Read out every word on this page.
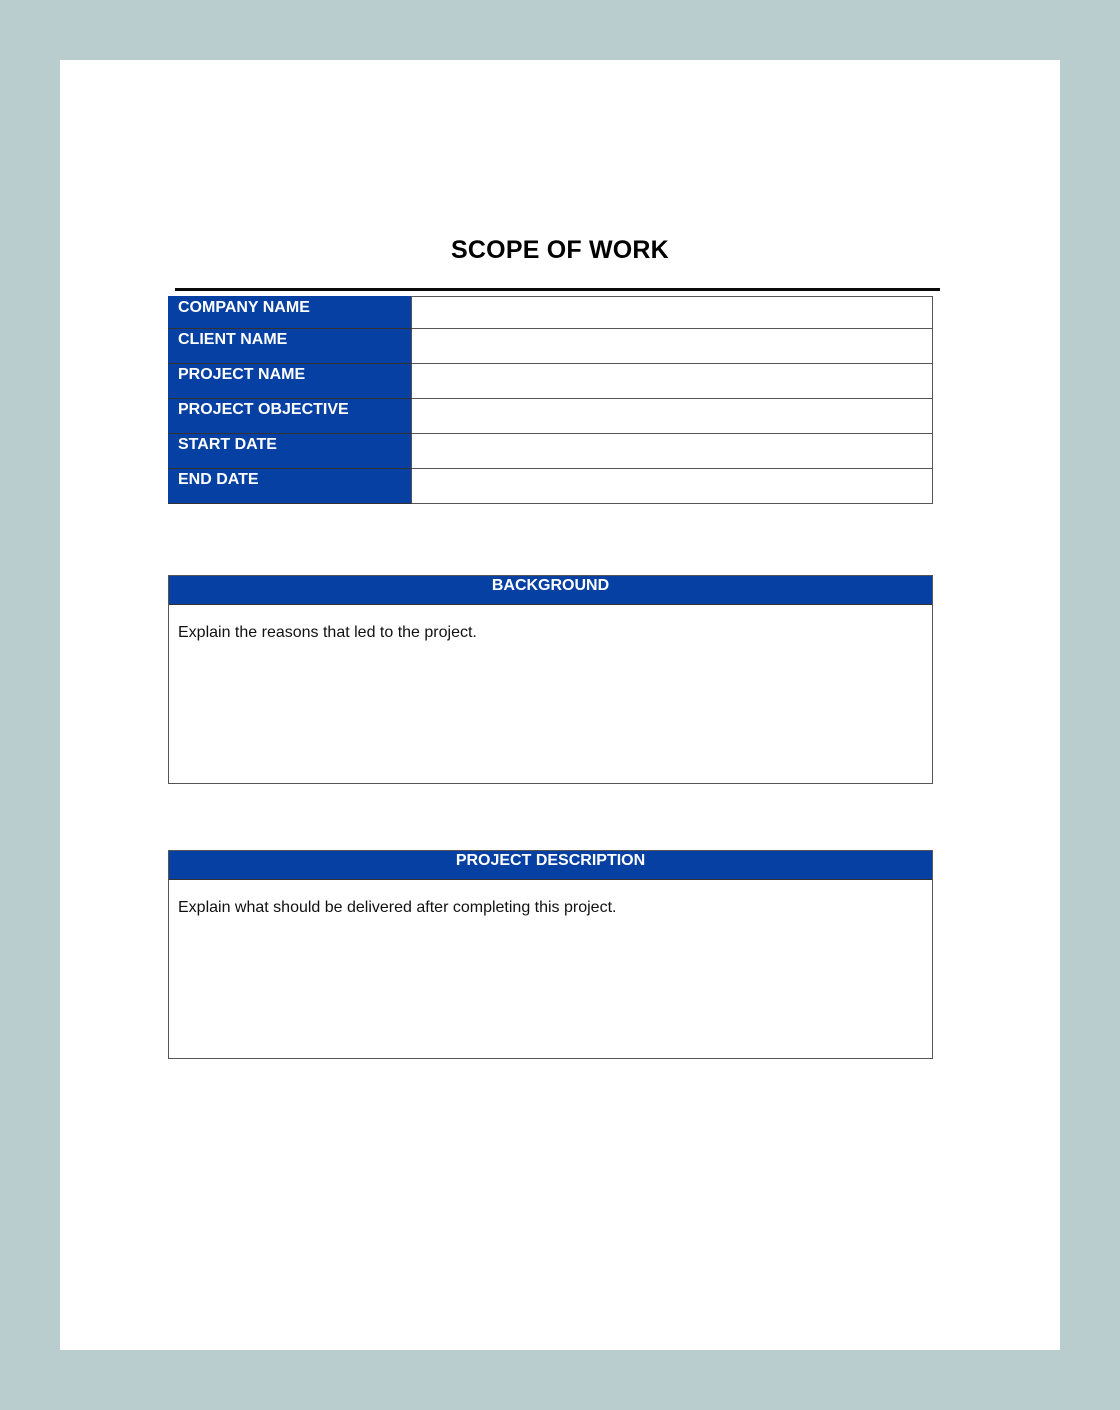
SCOPE OF WORK
COMPANY NAME	
CLIENT NAME	
PROJECT NAME	
PROJECT OBJECTIVE	
START DATE	
END DATE	
BACKGROUND
Explain the reasons that led to the project.
PROJECT DESCRIPTION
Explain what should be delivered after completing this project.
